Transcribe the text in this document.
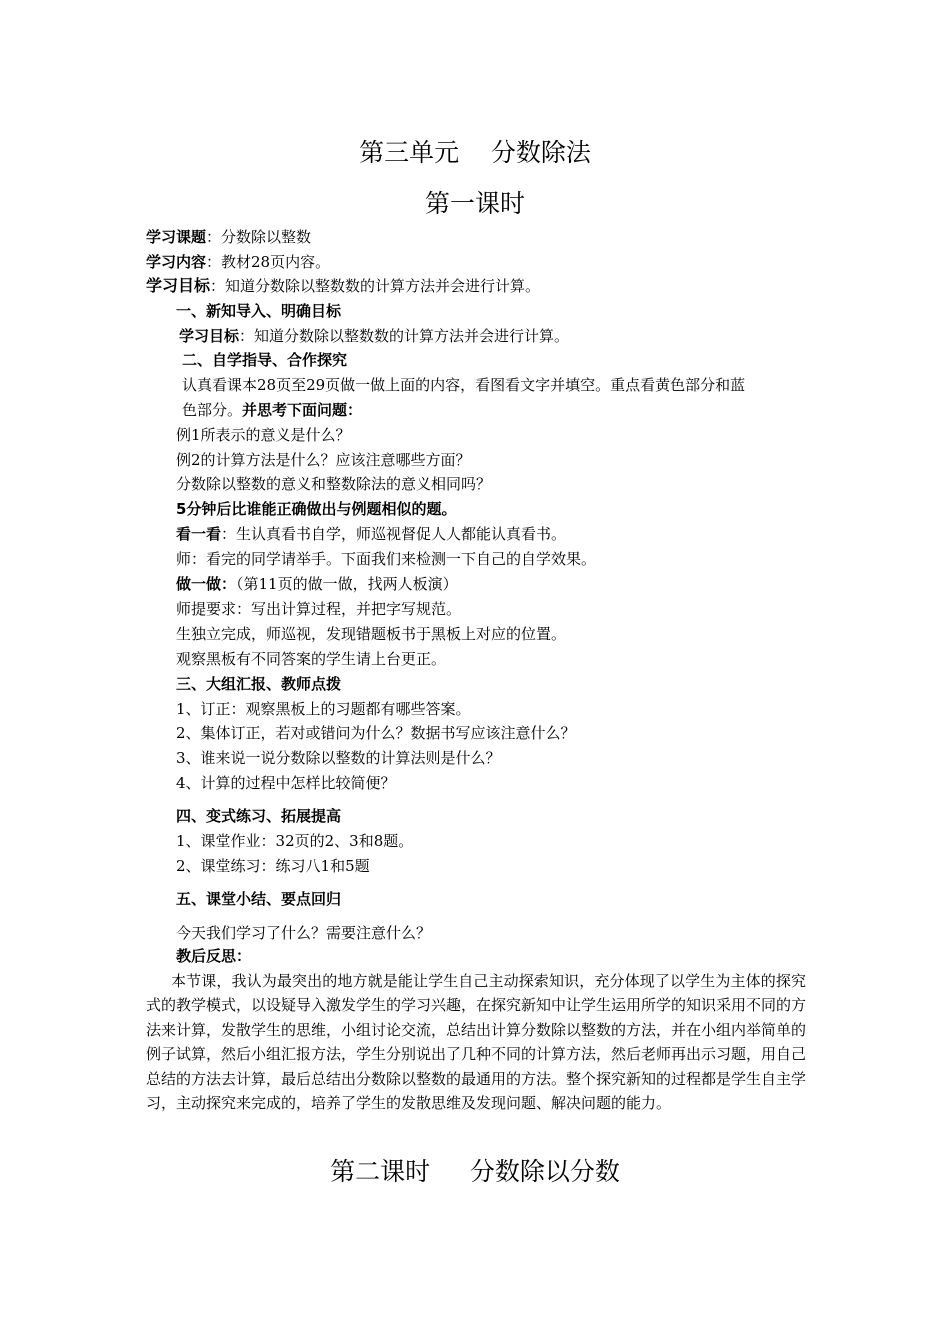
第三单元    分数除法
第一课时
学习课题：分数除以整数
学习内容：教材28页内容。
学习目标：知道分数除以整数数的计算方法并会进行计算。
一、新知导入、明确目标
学习目标：知道分数除以整数数的计算方法并会进行计算。
二、自学指导、合作探究
认真看课本28页至29页做一做上面的内容，看图看文字并填空。重点看黄色部分和蓝
色部分。并思考下面问题：
例1所表示的意义是什么？
例2的计算方法是什么？应该注意哪些方面？
分数除以整数的意义和整数除法的意义相同吗？
5分钟后比谁能正确做出与例题相似的题。
看一看：生认真看书自学，师巡视督促人人都能认真看书。
师：看完的同学请举手。下面我们来检测一下自己的自学效果。
做一做：（第11页的做一做，找两人板演）
师提要求：写出计算过程，并把字写规范。
生独立完成，师巡视，发现错题板书于黑板上对应的位置。
观察黑板有不同答案的学生请上台更正。
三、大组汇报、教师点拨
1、订正：观察黑板上的习题都有哪些答案。
2、集体订正，若对或错问为什么？数据书写应该注意什么？
3、谁来说一说分数除以整数的计算法则是什么？
4、计算的过程中怎样比较简便？
四、变式练习、拓展提高
1、课堂作业：32页的2、3和8题。
2、课堂练习：练习八1和5题
五、课堂小结、要点回归
今天我们学习了什么？需要注意什么？
教后反思：
本节课，我认为最突出的地方就是能让学生自己主动探索知识，充分体现了以学生为主体的探究式的教学模式，以设疑导入激发学生的学习兴趣，在探究新知中让学生运用所学的知识采用不同的方法来计算，发散学生的思维，小组讨论交流，总结出计算分数除以整数的方法，并在小组内举简单的例子试算，然后小组汇报方法，学生分别说出了几种不同的计算方法，然后老师再出示习题，用自己总结的方法去计算，最后总结出分数除以整数的最通用的方法。整个探究新知的过程都是学生自主学习，主动探究来完成的，培养了学生的发散思维及发现问题、解决问题的能力。
第二课时     分数除以分数
